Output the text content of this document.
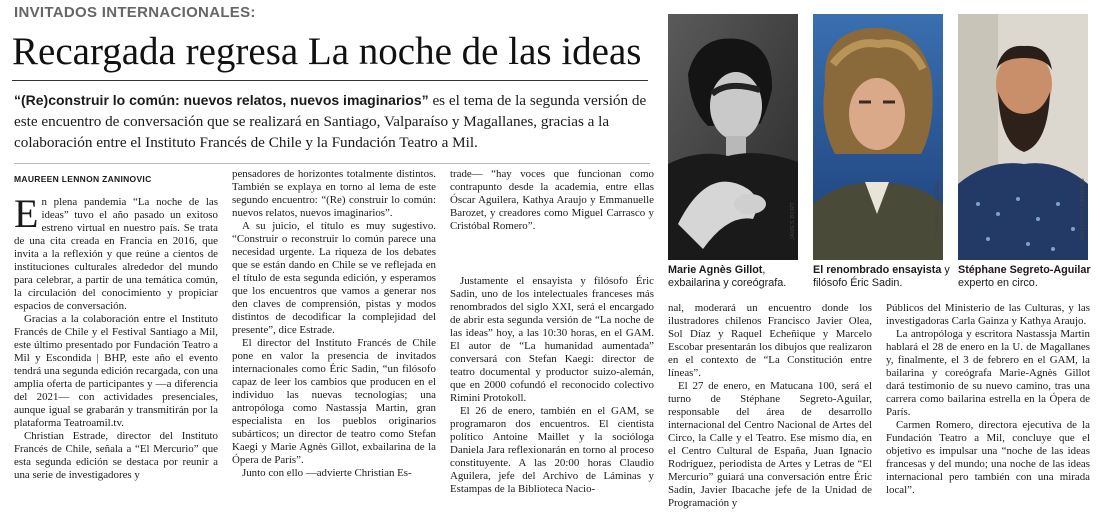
INVITADOS INTERNACIONALES:
Recargada regresa La noche de las ideas
“(Re)construir lo común: nuevos relatos, nuevos imaginarios” es el tema de la segunda versión de este encuentro de conversación que se realizará en Santiago, Valparaíso y Magallanes, gracias a la colaboración entre el Instituto Francés de Chile y la Fundación Teatro a Mil.
MAUREEN LENNON ZANINOVIC

En plena pandemia “La noche de las ideas” tuvo el año pasado un exitoso estreno virtual en nuestro país. Se trata de una cita creada en Francia en 2016, que invita a la reflexión y que reúne a cientos de instituciones culturales alrededor del mundo para celebrar, a partir de una temática común, la circulación del conocimiento y propiciar espacios de conversación.

Gracias a la colaboración entre el Instituto Francés de Chile y el Festival Santiago a Mil, este último presentado por Fundación Teatro a Mil y Escondida | BHP, este año el evento tendrá una segunda edición recargada, con una amplia oferta de participantes y —a diferencia del 2021— con actividades presenciales, aunque igual se grabarán y transmitirán por la plataforma Teatroamil.tv.

Christian Estrade, director del Instituto Francés de Chile, señala a “El Mercurio” que esta segunda edición se destaca por reunir a una serie de investigadores y

pensadores de horizontes totalmente distintos. También se explaya en torno al lema de este segundo encuentro: “(Re) construir lo común: nuevos relatos, nuevos imaginarios”.

A su juicio, el título es muy sugestivo. “Construir o reconstruir lo común parece una necesidad urgente. La riqueza de los debates que se están dando en Chile se ve reflejada en el título de esta segunda edición, y esperamos que los encuentros que vamos a generar nos den claves de comprensión, pistas y modos distintos de decodificar la complejidad del presente”, dice Estrade.

El director del Instituto Francés de Chile pone en valor la presencia de invitados internacionales como Éric Sadin, “un filósofo capaz de leer los cambios que producen en el individuo las nuevas tecnologías; una antropóloga como Nastassja Martin, gran especialista en los pueblos originarios subárticos; un director de teatro como Stefan Kaegi y Marie Agnès Gillot, exbailarina de la Ópera de París”.

Junto con ello —advierte Christian Es-

trade— “hay voces que funcionan como contrapunto desde la academia, entre ellas Óscar Aguilera, Kathya Araujo y Emmanuelle Barozet, y creadores como Miguel Carrasco y Cristóbal Romero”.

Justamente el ensayista y filósofo Éric Sadin, uno de los intelectuales franceses más renombrados del siglo XXI, será el encargado de abrir esta segunda versión de “La noche de las ideas” hoy, a las 10:30 horas, en el GAM. El autor de “La humanidad aumentada” conversará con Stefan Kaegi: director de teatro documental y productor suizo-alemán, que en 2000 cofundó el reconocido colectivo Rimini Protokoll.

El 26 de enero, también en el GAM, se programaron dos encuentros. El cientista político Antoine Maillet y la socióloga Daniela Jara reflexionarán en torno al proceso constituyente. A las 20:00 horas Claudio Aguilera, jefe del Archivo de Láminas y Estampas de la Biblioteca Nacio-

nal, moderará un encuentro donde los ilustradores chilenos Francisco Javier Olea, Sol Díaz y Raquel Echeñique y Marcelo Escobar presentarán los dibujos que realizaron en el contexto de “La Constitución entre líneas”.

El 27 de enero, en Matucana 100, será el turno de Stéphane Segreto-Aguilar, responsable del área de desarrollo internacional del Centro Nacional de Artes del Circo, la Calle y el Teatro. Ese mismo día, en el Centro Cultural de España, Juan Ignacio Rodríguez, periodista de Artes y Letras de “El Mercurio” guiará una conversación entre Éric Sadin, Javier Ibacache jefe de la Unidad de Programación y

Públicos del Ministerio de las Culturas, y las investigadoras Carla Gainza y Kathya Araujo.

La antropóloga y escritora Nastassja Martin hablará el 28 de enero en la U. de Magallanes y, finalmente, el 3 de febrero en el GAM, la bailarina y coreógrafa Marie-Agnès Gillot dará testimonio de su nuevo camino, tras una carrera como bailarina estrella en la Ópera de París.

Carmen Romero, directora ejecutiva de la Fundación Teatro a Mil, concluye que el objetivo es impulsar una “noche de las ideas francesas y del mundo; una noche de las ideas internacional pero también con una mirada local”.

JAMES BORT
Marie Agnès Gillot, exbailarina y coreógrafa.
CONGRESO FUTURO
El renombrado ensayista y filósofo Éric Sadin.
INSTITUTO FRANCÉS
Stéphane Segreto-Aguilar experto en circo.
